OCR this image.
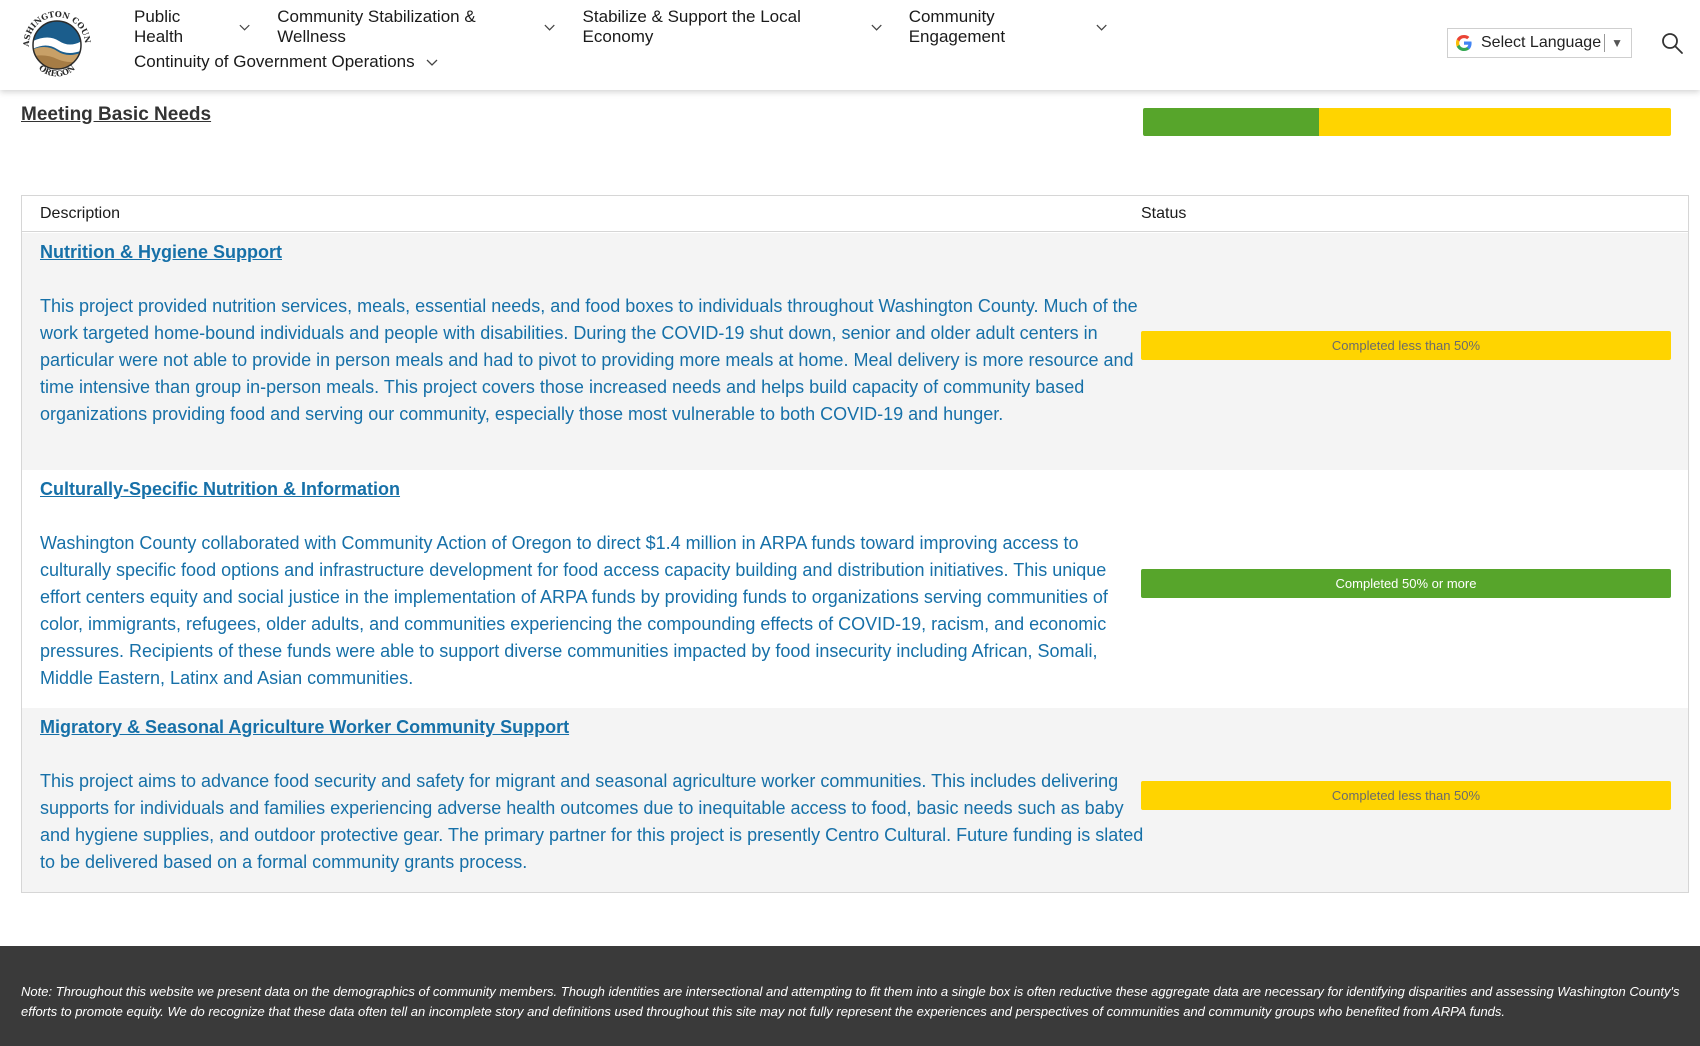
ASHINGTON COUN
OREGON
Public Health
Community Stabilization & Wellness
Stabilize & Support the Local Economy
Community Engagement
Continuity of Government Operations
Select Language ▼
Meeting Basic Needs
Description	Status
Nutrition & Hygiene Support
This project provided nutrition services, meals, essential needs, and food boxes to individuals throughout Washington County. Much of the work targeted home-bound individuals and people with disabilities. During the COVID-19 shut down, senior and older adult centers in particular were not able to provide in person meals and had to pivot to providing more meals at home. Meal delivery is more resource and time intensive than group in-person meals. This project covers those increased needs and helps build capacity of community based organizations providing food and serving our community, especially those most vulnerable to both COVID-19 and hunger.
Completed less than 50%
Culturally-Specific Nutrition & Information
Washington County collaborated with Community Action of Oregon to direct $1.4 million in ARPA funds toward improving access to culturally specific food options and infrastructure development for food access capacity building and distribution initiatives. This unique effort centers equity and social justice in the implementation of ARPA funds by providing funds to organizations serving communities of color, immigrants, refugees, older adults, and communities experiencing the compounding effects of COVID-19, racism, and economic pressures. Recipients of these funds were able to support diverse communities impacted by food insecurity including African, Somali, Middle Eastern, Latinx and Asian communities.
Completed 50% or more
Migratory & Seasonal Agriculture Worker Community Support
This project aims to advance food security and safety for migrant and seasonal agriculture worker communities. This includes delivering supports for individuals and families experiencing adverse health outcomes due to inequitable access to food, basic needs such as baby and hygiene supplies, and outdoor protective gear. The primary partner for this project is presently Centro Cultural. Future funding is slated to be delivered based on a formal community grants process.
Completed less than 50%

Note: Throughout this website we present data on the demographics of community members. Though identities are intersectional and attempting to fit them into a single box is often reductive these aggregate data are necessary for identifying disparities and assessing Washington County's efforts to promote equity. We do recognize that these data often tell an incomplete story and definitions used throughout this site may not fully represent the experiences and perspectives of communities and community groups who benefited from ARPA funds.
